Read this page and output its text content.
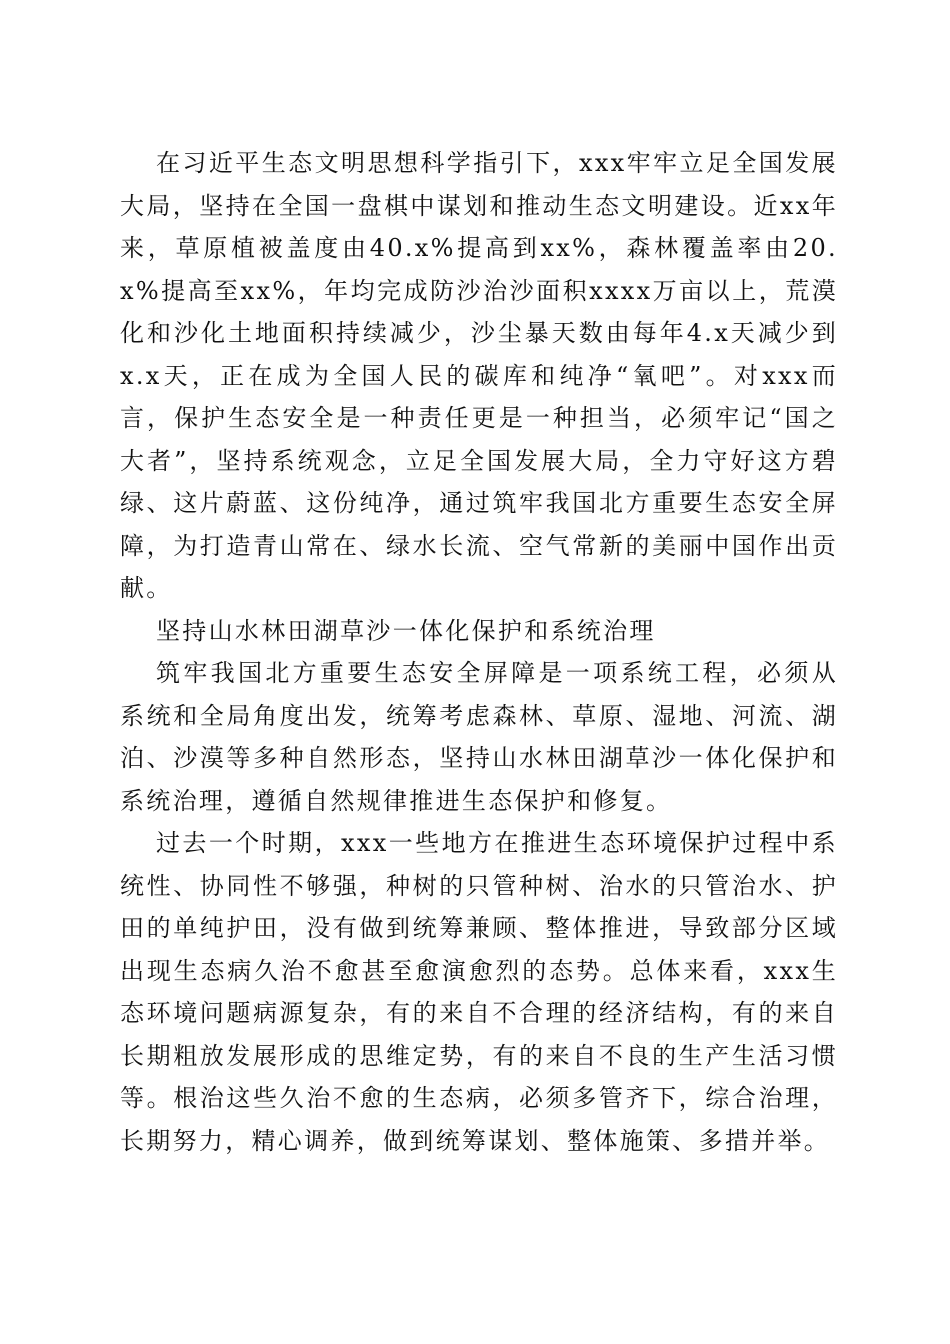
在习近平生态文明思想科学指引下，xxx牢牢立足全国发展大局，坚持在全国一盘棋中谋划和推动生态文明建设。近xx年来，草原植被盖度由40.x%提高到xx%，森林覆盖率由20.x%提高至xx%，年均完成防沙治沙面积xxxx万亩以上，荒漠化和沙化土地面积持续减少，沙尘暴天数由每年4.x天减少到x.x天，正在成为全国人民的碳库和纯净“氧吧”。对xxx而言，保护生态安全是一种责任更是一种担当，必须牢记“国之大者”，坚持系统观念，立足全国发展大局，全力守好这方碧绿、这片蔚蓝、这份纯净，通过筑牢我国北方重要生态安全屏障，为打造青山常在、绿水长流、空气常新的美丽中国作出贡献。

坚持山水林田湖草沙一体化保护和系统治理

筑牢我国北方重要生态安全屏障是一项系统工程，必须从系统和全局角度出发，统筹考虑森林、草原、湿地、河流、湖泊、沙漠等多种自然形态，坚持山水林田湖草沙一体化保护和系统治理，遵循自然规律推进生态保护和修复。

过去一个时期，xxx一些地方在推进生态环境保护过程中系统性、协同性不够强，种树的只管种树、治水的只管治水、护田的单纯护田，没有做到统筹兼顾、整体推进，导致部分区域出现生态病久治不愈甚至愈演愈烈的态势。总体来看，xxx生态环境问题病源复杂，有的来自不合理的经济结构，有的来自长期粗放发展形成的思维定势，有的来自不良的生产生活习惯等。根治这些久治不愈的生态病，必须多管齐下，综合治理，长期努力，精心调养，做到统筹谋划、整体施策、多措并举。
